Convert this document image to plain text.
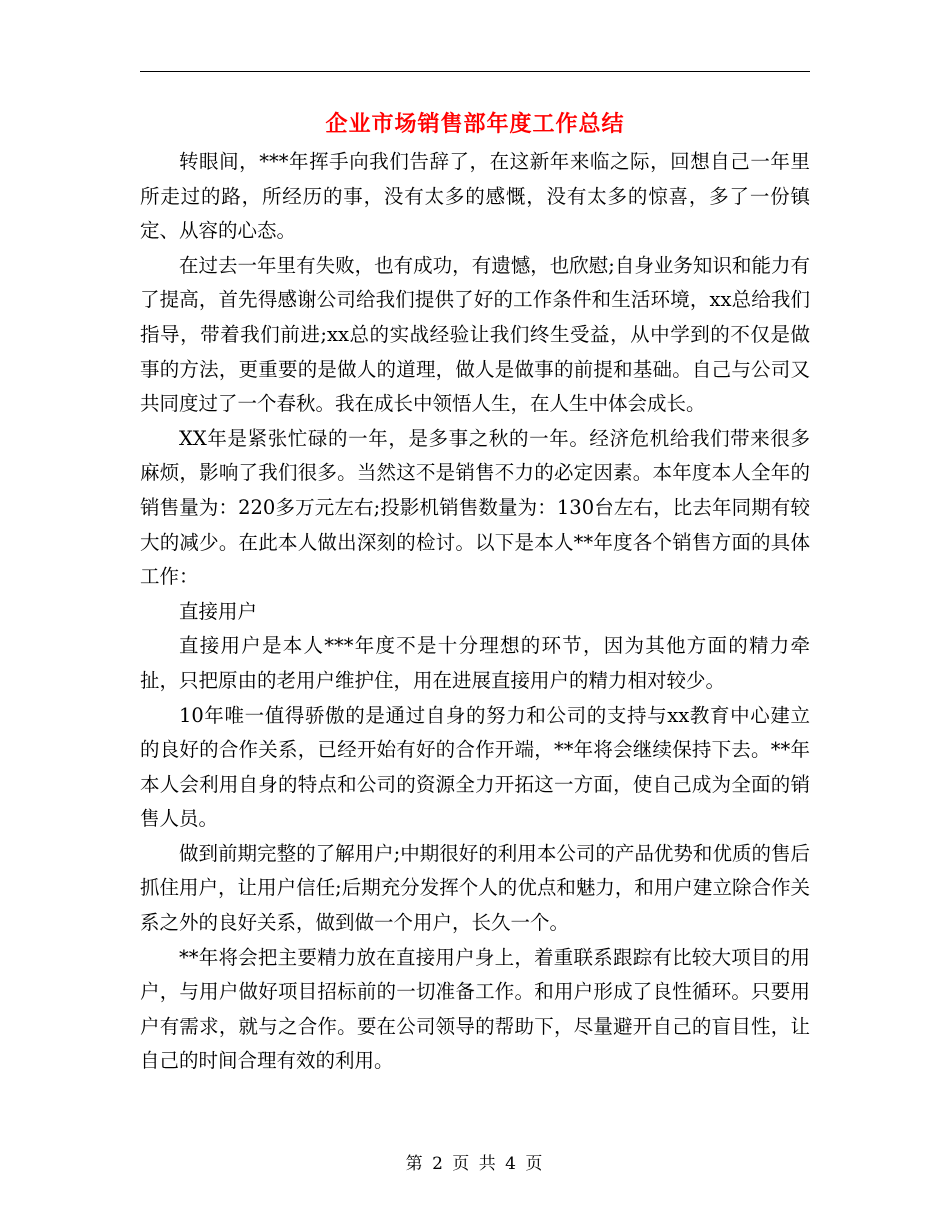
企业市场销售部年度工作总结

转眼间，***年挥手向我们告辞了，在这新年来临之际，回想自己一年里所走过的路，所经历的事，没有太多的感慨，没有太多的惊喜，多了一份镇定、从容的心态。

在过去一年里有失败，也有成功，有遗憾，也欣慰;自身业务知识和能力有了提高，首先得感谢公司给我们提供了好的工作条件和生活环境，xx总给我们指导，带着我们前进;xx总的实战经验让我们终生受益，从中学到的不仅是做事的方法，更重要的是做人的道理，做人是做事的前提和基础。自己与公司又共同度过了一个春秋。我在成长中领悟人生，在人生中体会成长。

XX年是紧张忙碌的一年，是多事之秋的一年。经济危机给我们带来很多麻烦，影响了我们很多。当然这不是销售不力的必定因素。本年度本人全年的销售量为：220多万元左右;投影机销售数量为：130台左右，比去年同期有较大的减少。在此本人做出深刻的检讨。以下是本人**年度各个销售方面的具体工作：

直接用户

直接用户是本人***年度不是十分理想的环节，因为其他方面的精力牵扯，只把原由的老用户维护住，用在进展直接用户的精力相对较少。

10年唯一值得骄傲的是通过自身的努力和公司的支持与xx教育中心建立的良好的合作关系，已经开始有好的合作开端，**年将会继续保持下去。**年本人会利用自身的特点和公司的资源全力开拓这一方面，使自己成为全面的销售人员。

做到前期完整的了解用户;中期很好的利用本公司的产品优势和优质的售后抓住用户，让用户信任;后期充分发挥个人的优点和魅力，和用户建立除合作关系之外的良好关系，做到做一个用户，长久一个。

**年将会把主要精力放在直接用户身上，着重联系跟踪有比较大项目的用户，与用户做好项目招标前的一切准备工作。和用户形成了良性循环。只要用户有需求，就与之合作。要在公司领导的帮助下，尽量避开自己的盲目性，让自己的时间合理有效的利用。

第 2 页 共 4 页
